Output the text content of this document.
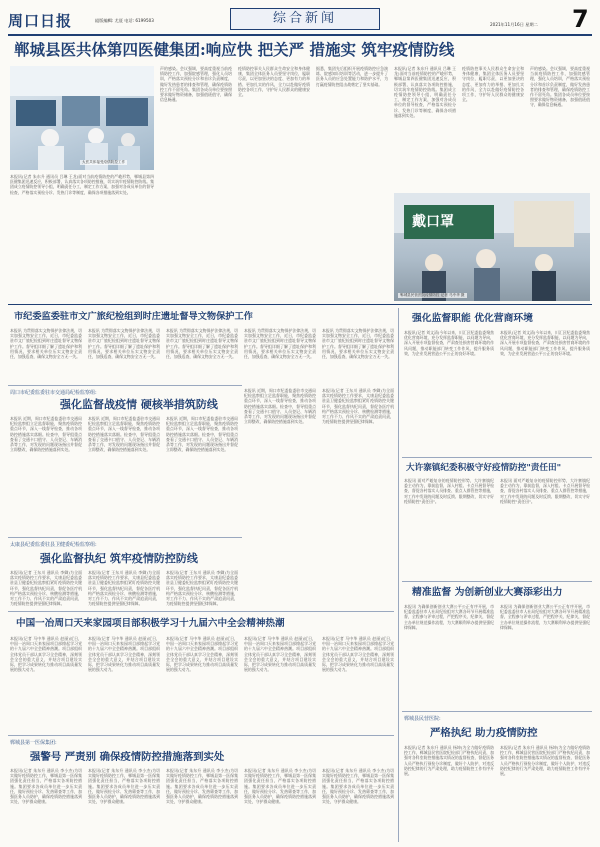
周口日报	組版編輯: 尤聂 电话: 6199503	综合新闻	2021年11月16日 星期二 7
郸城县医共体第四医健集团:响应快 把关严 措施实 筑牢疫情防线
大医共体接受疫情防控工作
本报讯(记者 朱东升 通讯员 吕琳 王龙)面对当前疫情防控的严峻形势，郸城县第四医健集团迅速反应，积极部署，认真落实各项防控措施，切实筑牢疫情防控防线。集团成立疫情防控领导小组，明确责任分工，制定工作方案，加强对各成员单位的督导检查，严格落实预检分诊、发热门诊等制度，确保各项措施落到实处。
声的感染。会议强调，要高度重视当前疫情防控工作，加强院感管理，强化人员培训，严格落实预检分诊和首诊负责制度，做好发热患者的排查和管理，确保疫情防控工作不留死角。集团各成员单位要按照要求做好物资储备，加强值班值守，确保信息畅通。
疫情防控事关人民群众生命安全和身体健康，集团全体医务人员要坚守岗位，履职尽责，以更加坚决的态度、更加有力的举措、更加扎实的作风，全力以赴做好疫情防控各项工作，守护好人民群众的健康安全。
据悉，集团先后组织开展疫情防控应急演练、院感知识培训等活动，进一步提升了医务人员的应急处置能力和防护水平，为打赢疫情防控阻击战奠定了坚实基础。
本报讯(记者 朱东升 通讯员 吕琳 王龙)面对当前疫情防控的严峻形势，郸城县第四医健集团迅速反应，积极部署，认真落实各项防控措施，切实筑牢疫情防控防线。集团成立疫情防控领导小组，明确责任分工，制定工作方案，加强对各成员单位的督导检查，严格落实预检分诊、发热门诊等制度，确保各项措施落到实处。
疫情防控事关人民群众生命安全和身体健康，集团全体医务人员要坚守岗位，履职尽责，以更加坚决的态度、更加有力的举措、更加扎实的作风，全力以赴做好疫情防控各项工作，守护好人民群众的健康安全。
声的感染。会议强调，要高度重视当前疫情防控工作，加强院感管理，强化人员培训，严格落实预检分诊和首诊负责制度，做好发热患者的排查和管理，确保疫情防控工作不留死角。集团各成员单位要按照要求做好物资储备，加强值班值守，确保信息畅通。
戴口罩
郸城县民营医院疫情防控 记者 马中华 摄
市纪委监委驻市文广旅纪检组到时庄遗址督导文物保护工作
本报讯 为贯彻落实文物保护法律法规，切实加强文物安全工作，近日，市纪委监委驻市文广旅纪检组到时庄遗址督导文物保护工作。督导组详细了解了遗址保护和利用情况，要求相关单位压实文物安全责任，加强巡查，确保文物安全万无一失。
本报讯 为贯彻落实文物保护法律法规，切实加强文物安全工作，近日，市纪委监委驻市文广旅纪检组到时庄遗址督导文物保护工作。督导组详细了解了遗址保护和利用情况，要求相关单位压实文物安全责任，加强巡查，确保文物安全万无一失。
本报讯 为贯彻落实文物保护法律法规，切实加强文物安全工作，近日，市纪委监委驻市文广旅纪检组到时庄遗址督导文物保护工作。督导组详细了解了遗址保护和利用情况，要求相关单位压实文物安全责任，加强巡查，确保文物安全万无一失。
本报讯 为贯彻落实文物保护法律法规，切实加强文物安全工作，近日，市纪委监委驻市文广旅纪检组到时庄遗址督导文物保护工作。督导组详细了解了遗址保护和利用情况，要求相关单位压实文物安全责任，加强巡查，确保文物安全万无一失。
本报讯 为贯彻落实文物保护法律法规，切实加强文物安全工作，近日，市纪委监委驻市文广旅纪检组到时庄遗址督导文物保护工作。督导组详细了解了遗址保护和利用情况，要求相关单位压实文物安全责任，加强巡查，确保文物安全万无一失。
周口市纪委监委驻市交通局纪检监察组:
强化监督战疫情 硬核举措筑防线
本报讯 近期，周口市纪委监委驻市交通局纪检监察组立足监督职能，聚焦疫情防控重点环节，深入一线督导检查，推动各项防控措施落实落细。检查中，督导组重点查看了交通卡口值守、人员登记、车辆消杀等工作，对发现的问题现场指出并督促立即整改，确保防控措施落到实处。
本报讯 近期，周口市纪委监委驻市交通局纪检监察组立足监督职能，聚焦疫情防控重点环节，深入一线督导检查，推动各项防控措施落实落细。检查中，督导组重点查看了交通卡口值守、人员登记、车辆消杀等工作，对发现的问题现场指出并督促立即整改，确保防控措施落到实处。
本报讯 近期，周口市纪委监委驻市交通局纪检监察组立足监督职能，聚焦疫情防控重点环节，深入一线督导检查，推动各项防控措施落实落细。检查中，督导组重点查看了交通卡口值守、人员登记、车辆消杀等工作，对发现的问题现场指出并督促立即整改，确保防控措施落到实处。
本报讯 近期，周口市纪委监委驻市交通局纪检监察组立足监督职能，聚焦疫情防控重点环节，深入一线督导检查，推动各项防控措施落实落细。检查中，督导组重点查看了交通卡口值守、人员登记、车辆消杀等工作，对发现的问题现场指出并督促立即整改，确保防控措施落到实处。
本报讯(记者 王东川 通讯员 李卿)为全面落实疫情防控工作要求，太康县纪委监委驻县卫健委纪检监察组紧盯疫情防控关键环节，强化监督执纪问责，督促各医疗机构严格落实预检分诊、核酸检测等措施，对工作不力、作风不实的严肃追责问责，为疫情防控提供坚强纪律保障。
太康县纪委监委驻县卫健委纪检监察组:
强化监督执纪 筑牢疫情防控防线
本报讯(记者 王东川 通讯员 李卿)为全面落实疫情防控工作要求，太康县纪委监委驻县卫健委纪检监察组紧盯疫情防控关键环节，强化监督执纪问责，督促各医疗机构严格落实预检分诊、核酸检测等措施，对工作不力、作风不实的严肃追责问责，为疫情防控提供坚强纪律保障。
本报讯(记者 王东川 通讯员 李卿)为全面落实疫情防控工作要求，太康县纪委监委驻县卫健委纪检监察组紧盯疫情防控关键环节，强化监督执纪问责，督促各医疗机构严格落实预检分诊、核酸检测等措施，对工作不力、作风不实的严肃追责问责，为疫情防控提供坚强纪律保障。
本报讯(记者 王东川 通讯员 李卿)为全面落实疫情防控工作要求，太康县纪委监委驻县卫健委纪检监察组紧盯疫情防控关键环节，强化监督执纪问责，督促各医疗机构严格落实预检分诊、核酸检测等措施，对工作不力、作风不实的严肃追责问责，为疫情防控提供坚强纪律保障。
中国一冶周口天来家园项目部积极学习十九届六中全会精神热潮
本报讯(记者 马中华 通讯员 赵丽)近日，中国一冶周口天来家园项目部掀起学习党的十九届六中全会精神热潮。项目部组织全体党员干部认真学习全会精神，深刻领会全会的重大意义，并结合项目建设实际，把学习成果转化为推动项目高质量发展的强大动力。
本报讯(记者 马中华 通讯员 赵丽)近日，中国一冶周口天来家园项目部掀起学习党的十九届六中全会精神热潮。项目部组织全体党员干部认真学习全会精神，深刻领会全会的重大意义，并结合项目建设实际，把学习成果转化为推动项目高质量发展的强大动力。
本报讯(记者 马中华 通讯员 赵丽)近日，中国一冶周口天来家园项目部掀起学习党的十九届六中全会精神热潮。项目部组织全体党员干部认真学习全会精神，深刻领会全会的重大意义，并结合项目建设实际，把学习成果转化为推动项目高质量发展的强大动力。
本报讯(记者 马中华 通讯员 赵丽)近日，中国一冶周口天来家园项目部掀起学习党的十九届六中全会精神热潮。项目部组织全体党员干部认真学习全会精神，深刻领会全会的重大意义，并结合项目建设实际，把学习成果转化为推动项目高质量发展的强大动力。
本报讯(记者 马中华 通讯员 赵丽)近日，中国一冶周口天来家园项目部掀起学习党的十九届六中全会精神热潮。项目部组织全体党员干部认真学习全会精神，深刻领会全会的重大意义，并结合项目建设实际，把学习成果转化为推动项目高质量发展的强大动力。
郸城县第一医保集团:
强警号 严责别 确保疫情防控措施落到实处
本报讯(记者 朱东升 通讯员 李小杰)为切实做好疫情防控工作，郸城县第一医保集团强化责任担当，严格落实各项防控措施。集团要求各成员单位进一步压实责任，做好预检分诊、发热筛查等工作，加强医务人员防护，确保疫情防控措施落到实处，守护群众健康。
本报讯(记者 朱东升 通讯员 李小杰)为切实做好疫情防控工作，郸城县第一医保集团强化责任担当，严格落实各项防控措施。集团要求各成员单位进一步压实责任，做好预检分诊、发热筛查等工作，加强医务人员防护，确保疫情防控措施落到实处，守护群众健康。
本报讯(记者 朱东升 通讯员 李小杰)为切实做好疫情防控工作，郸城县第一医保集团强化责任担当，严格落实各项防控措施。集团要求各成员单位进一步压实责任，做好预检分诊、发热筛查等工作，加强医务人员防护，确保疫情防控措施落到实处，守护群众健康。
本报讯(记者 朱东升 通讯员 李小杰)为切实做好疫情防控工作，郸城县第一医保集团强化责任担当，严格落实各项防控措施。集团要求各成员单位进一步压实责任，做好预检分诊、发热筛查等工作，加强医务人员防护，确保疫情防控措施落到实处，守护群众健康。
本报讯(记者 朱东升 通讯员 李小杰)为切实做好疫情防控工作，郸城县第一医保集团强化责任担当，严格落实各项防控措施。集团要求各成员单位进一步压实责任，做好预检分诊、发热筛查等工作，加强医务人员防护，确保疫情防控措施落到实处，守护群众健康。
强化监督职能 优化营商环境
本报讯(记者 刘文清)今年以来，川汇区纪委监委聚焦优化营商环境，充分发挥监督职能，以问题为导向，深入开展专项监督检查，严肃查处损害营商环境的作风问题，推动职能部门转变工作作风、提升服务质效，为企业发展营造公平公正的良好环境。
本报讯(记者 刘文清)今年以来，川汇区纪委监委聚焦优化营商环境，充分发挥监督职能，以问题为导向，深入开展专项监督检查，严肃查处损害营商环境的作风问题，推动职能部门转变工作作风、提升服务质效，为企业发展营造公平公正的良好环境。
大许寨镇纪委积极守好疫情防控"责任田"
本报讯 面对严峻复杂的疫情防控形势，大许寨镇纪委主动作为，靠前监督，深入村组、卡点开展督导检查，督促各村落实人员排查、重点人群管控等措施，对工作中发现的问题及时反馈、限期整改，切实守好疫情防控"责任田"。
本报讯 面对严峻复杂的疫情防控形势，大许寨镇纪委主动作为，靠前监督，深入村组、卡点开展督导检查，督促各村落实人员排查、重点人群管控等措施，对工作中发现的问题及时反馈、限期整改，切实守好疫情防控"责任田"。
精准监督 为创新创业大赛添彩出力
本报讯 为确保创新创业大赛公平公正有序开展，市纪委监委驻市人社局纪检组对大赛各环节开展精准监督，全程参与评审过程，严把程序关、纪律关，督促主办单位规范操作流程，为大赛顺利举办提供坚强纪律保障。
本报讯 为确保创新创业大赛公平公正有序开展，市纪委监委驻市人社局纪检组对大赛各环节开展精准监督，全程参与评审过程，严把程序关、纪律关，督促主办单位规范操作流程，为大赛顺利举办提供坚强纪律保障。
郸城县民营医院:
严格执纪 助力疫情防控
本报讯(记者 朱东升 通讯员 杨坤)为全力做好疫情防控工作，郸城县民营医院纪检部门严格执纪问责，加强对各科室防控措施落实情况的监督检查，督促医务人员严格执行预检分诊制度，做好个人防护，对违反防控纪律的行为严肃处理，助力疫情防控工作有序开展。
本报讯(记者 朱东升 通讯员 杨坤)为全力做好疫情防控工作，郸城县民营医院纪检部门严格执纪问责，加强对各科室防控措施落实情况的监督检查，督促医务人员严格执行预检分诊制度，做好个人防护，对违反防控纪律的行为严肃处理，助力疫情防控工作有序开展。
